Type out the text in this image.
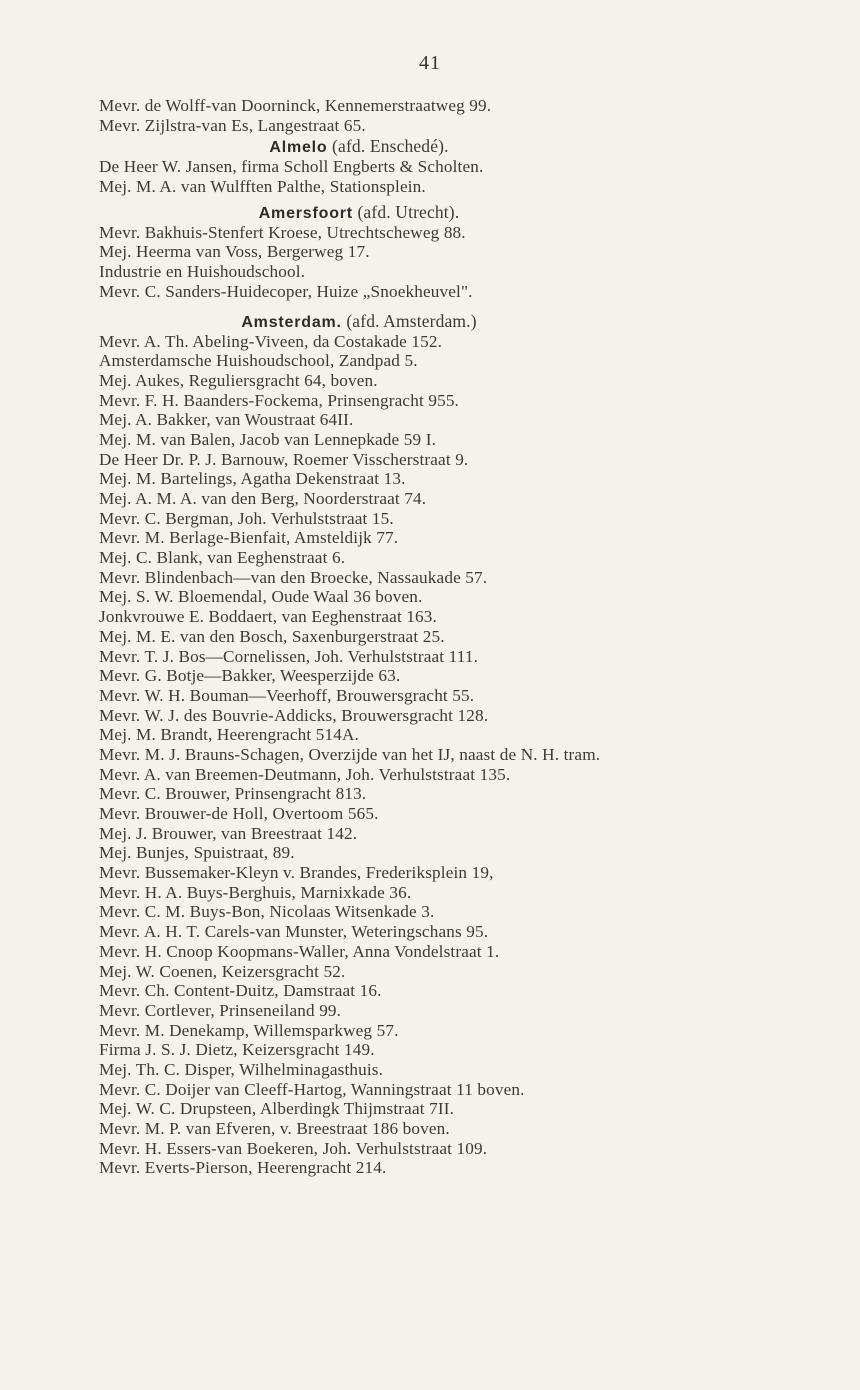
41
Mevr. de Wolff-van Doorninck, Kennemerstraatweg 99.
Mevr. Zijlstra-van Es, Langestraat 65.
Almelo (afd. Enschedé).
De Heer W. Jansen, firma Scholl Engberts & Scholten.
Mej. M. A. van Wulfften Palthe, Stationsplein.
Amersfoort (afd. Utrecht).
Mevr. Bakhuis-Stenfert Kroese, Utrechtscheweg 88.
Mej. Heerma van Voss, Bergerweg 17.
Industrie en Huishoudschool.
Mevr. C. Sanders-Huidecoper, Huize „Snoekheuvel".
Amsterdam. (afd. Amsterdam.)
Mevr. A. Th. Abeling-Viveen, da Costakade 152.
Amsterdamsche Huishoudschool, Zandpad 5.
Mej. Aukes, Reguliersgracht 64, boven.
Mevr. F. H. Baanders-Fockema, Prinsengracht 955.
Mej. A. Bakker, van Woustraat 64II.
Mej. M. van Balen, Jacob van Lennepkade 59 I.
De Heer Dr. P. J. Barnouw, Roemer Visscherstraat 9.
Mej. M. Bartelings, Agatha Dekenstraat 13.
Mej. A. M. A. van den Berg, Noorderstraat 74.
Mevr. C. Bergman, Joh. Verhulststraat 15.
Mevr. M. Berlage-Bienfait, Amsteldijk 77.
Mej. C. Blank, van Eeghenstraat 6.
Mevr. Blindenbach—van den Broecke, Nassaukade 57.
Mej. S. W. Bloemendal, Oude Waal 36 boven.
Jonkvrouwe E. Boddaert, van Eeghenstraat 163.
Mej. M. E. van den Bosch, Saxenburgerstraat 25.
Mevr. T. J. Bos—Cornelissen, Joh. Verhulststraat 111.
Mevr. G. Botje—Bakker, Weesperzijde 63.
Mevr. W. H. Bouman—Veerhoff, Brouwersgracht 55.
Mevr. W. J. des Bouvrie-Addicks, Brouwersgracht 128.
Mej. M. Brandt, Heerengracht 514A.
Mevr. M. J. Brauns-Schagen, Overzijde van het IJ, naast de N. H. tram.
Mevr. A. van Breemen-Deutmann, Joh. Verhulststraat 135.
Mevr. C. Brouwer, Prinsengracht 813.
Mevr. Brouwer-de Holl, Overtoom 565.
Mej. J. Brouwer, van Breestraat 142.
Mej. Bunjes, Spuistraat, 89.
Mevr. Bussemaker-Kleyn v. Brandes, Frederiksplein 19,
Mevr. H. A. Buys-Berghuis, Marnixkade 36.
Mevr. C. M. Buys-Bon, Nicolaas Witsenkade 3.
Mevr. A. H. T. Carels-van Munster, Weteringschans 95.
Mevr. H. Cnoop Koopmans-Waller, Anna Vondelstraat 1.
Mej. W. Coenen, Keizersgracht 52.
Mevr. Ch. Content-Duitz, Damstraat 16.
Mevr. Cortlever, Prinseneiland 99.
Mevr. M. Denekamp, Willemsparkweg 57.
Firma J. S. J. Dietz, Keizersgracht 149.
Mej. Th. C. Disper, Wilhelminagasthuis.
Mevr. C. Doijer van Cleeff-Hartog, Wanningstraat 11 boven.
Mej. W. C. Drupsteen, Alberdingk Thijmstraat 7II.
Mevr. M. P. van Efveren, v. Breestraat 186 boven.
Mevr. H. Essers-van Boekeren, Joh. Verhulststraat 109.
Mevr. Everts-Pierson, Heerengracht 214.
